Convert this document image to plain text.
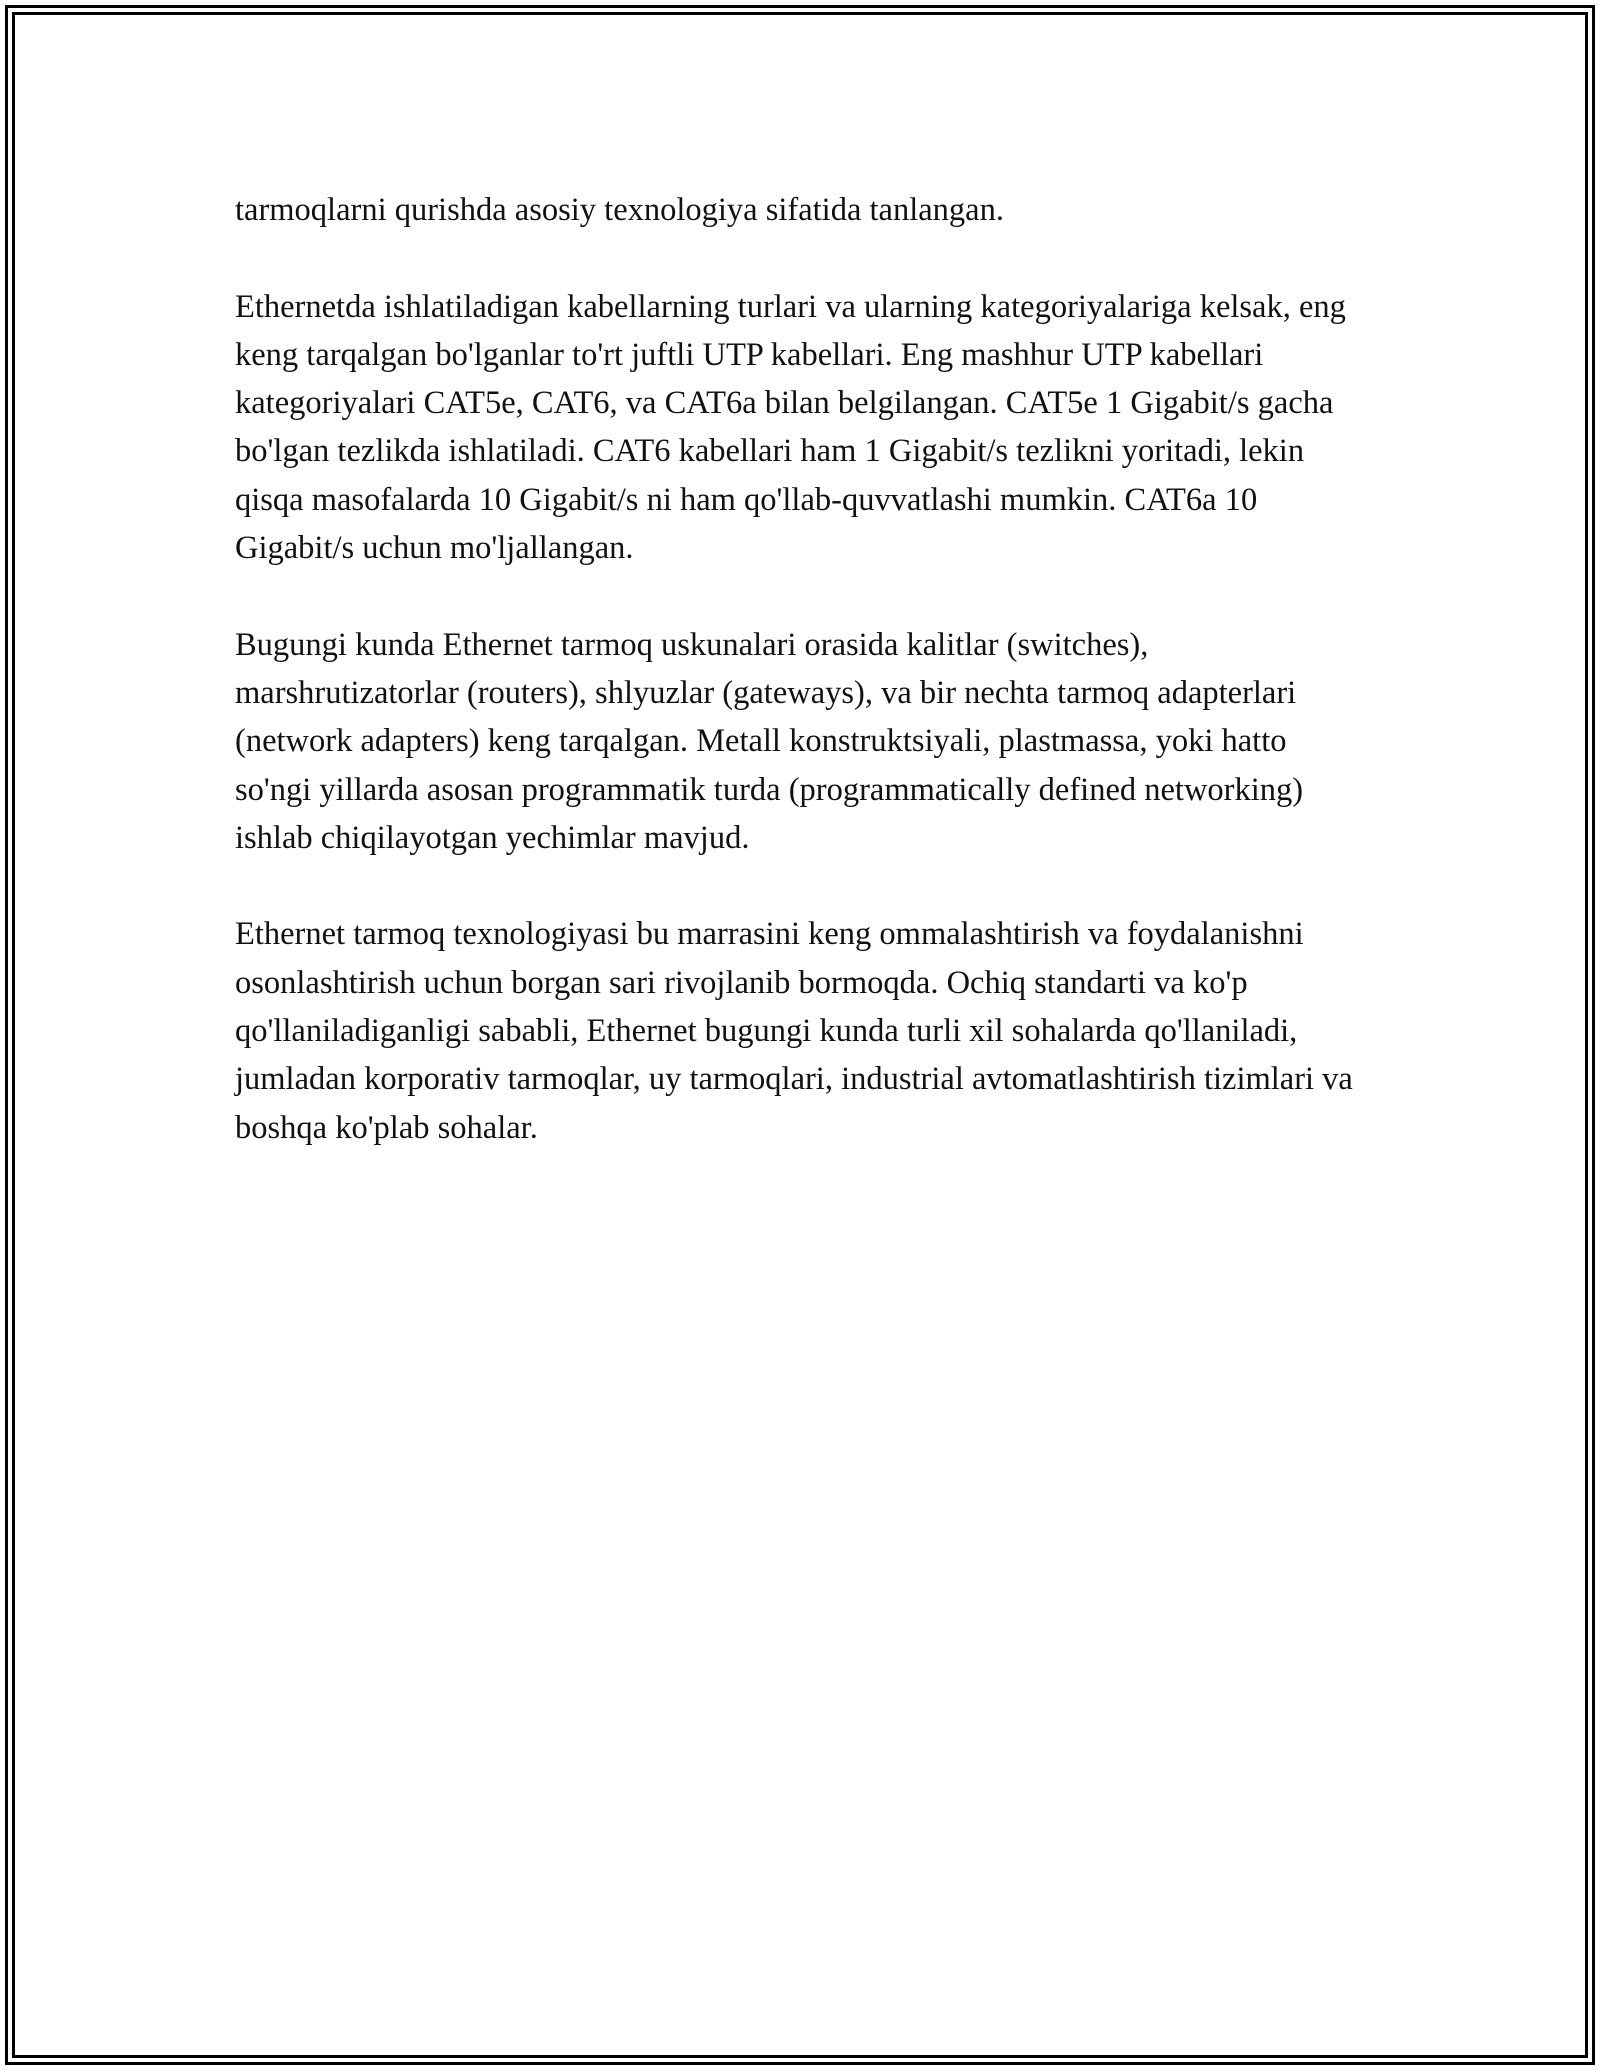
tarmoqlarni qurishda asosiy texnologiya sifatida tanlangan.

Ethernetda ishlatiladigan kabellarning turlari va ularning kategoriyalariga kelsak, eng keng tarqalgan bo'lganlar to'rt juftli UTP kabellari. Eng mashhur UTP kabellari kategoriyalari CAT5e, CAT6, va CAT6a bilan belgilangan. CAT5e 1 Gigabit/s gacha bo'lgan tezlikda ishlatiladi. CAT6 kabellari ham 1 Gigabit/s tezlikni yoritadi, lekin qisqa masofalarda 10 Gigabit/s ni ham qo'llab-quvvatlashi mumkin. CAT6a 10 Gigabit/s uchun mo'ljallangan.

Bugungi kunda Ethernet tarmoq uskunalari orasida kalitlar (switches), marshrutizatorlar (routers), shlyuzlar (gateways), va bir nechta tarmoq adapterlari (network adapters) keng tarqalgan. Metall konstruktsiyali, plastmassa, yoki hatto so'ngi yillarda asosan programmatik turda (programmatically defined networking) ishlab chiqilayotgan yechimlar mavjud.

Ethernet tarmoq texnologiyasi bu marrasini keng ommalashtirish va foydalanishni osonlashtirish uchun borgan sari rivojlanib bormoqda. Ochiq standarti va ko'p qo'llaniladiganligi sababli, Ethernet bugungi kunda turli xil sohalarda qo'llaniladi, jumladan korporativ tarmoqlar, uy tarmoqlari, industrial avtomatlashtirish tizimlari va boshqa ko'plab sohalar.
